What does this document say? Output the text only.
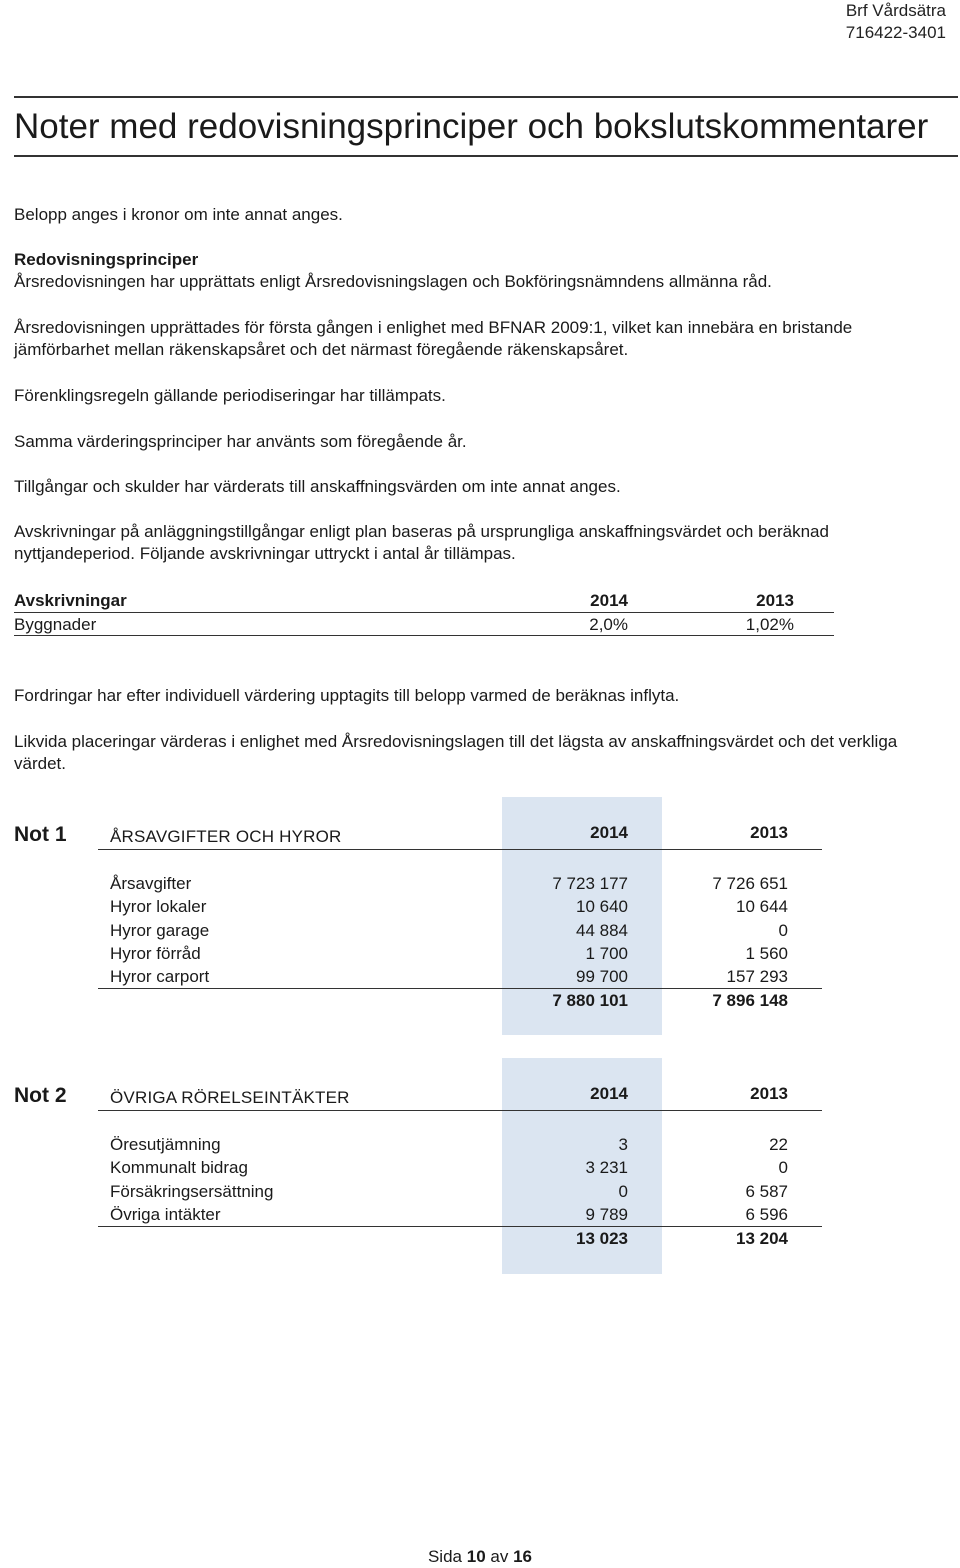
Brf Vårdsätra
716422-3401
Noter med redovisningsprinciper och bokslutskommentarer
Belopp anges i kronor om inte annat anges.
Redovisningsprinciper
Årsredovisningen har upprättats enligt Årsredovisningslagen och Bokföringsnämndens allmänna råd.
Årsredovisningen upprättades för första gången i enlighet med BFNAR 2009:1, vilket kan innebära en bristande jämförbarhet mellan räkenskapsåret och det närmast föregående räkenskapsåret.
Förenklingsregeln gällande periodiseringar har tillämpats.
Samma värderingsprinciper har använts som föregående år.
Tillgångar och skulder har värderats till anskaffningsvärden om inte annat anges.
Avskrivningar på anläggningstillgångar enligt plan baseras på ursprungliga anskaffningsvärdet och beräknad nyttjandeperiod. Följande avskrivningar uttryckt i antal år tillämpas.
Avskrivningar	2014	2013
Byggnader	2,0%	1,02%
Fordringar har efter individuell värdering upptagits till belopp varmed de beräknas inflyta.
Likvida placeringar värderas i enlighet med Årsredovisningslagen till det lägsta av anskaffningsvärdet och det verkliga värdet.
Not 1	ÅRSAVGIFTER OCH HYROR	2014	2013
Årsavgifter	7 723 177	7 726 651
Hyror lokaler	10 640	10 644
Hyror garage	44 884	0
Hyror förråd	1 700	1 560
Hyror carport	99 700	157 293
7 880 101	7 896 148
Not 2	ÖVRIGA RÖRELSEINTÄKTER	2014	2013
Öresutjämning	3	22
Kommunalt bidrag	3 231	0
Försäkringsersättning	0	6 587
Övriga intäkter	9 789	6 596
13 023	13 204
Sida 10 av 16
